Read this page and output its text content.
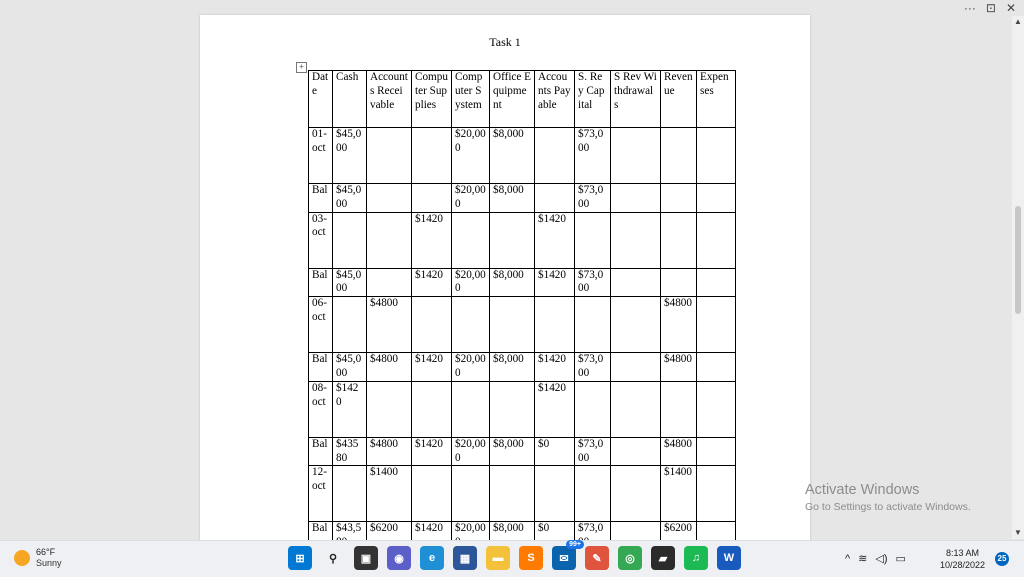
··· ⊡ ✕
Task 1
+
Date	Cash	Accounts Receivable	Computer Supplies	Computer System	Office Equipment	Accounts Payable	S. Rey Capital	S Rev Withdrawals	Revenue	Expenses
01-oct	$45,000			$20,000	$8,000		$73,000			
Bal	$45,000			$20,000	$8,000		$73,000			
03-oct			$1420			$1420				
Bal	$45,000		$1420	$20,000	$8,000	$1420	$73,000			
06-oct		$4800							$4800	
Bal	$45,000	$4800	$1420	$20,000	$8,000	$1420	$73,000		$4800	
08-oct	$1420					$1420				
Bal	$43580	$4800	$1420	$20,000	$8,000	$0	$73,000		$4800	
12-oct		$1400							$1400	
Bal	$43,5	$6200	$1420	$20,00	$8,000	$0	$73,0		$6200	
▲
▼
Activate Windows
Go to Settings to activate Windows.
66°F
Sunny	⊞ ⚲ ▣ ◉ e ▦ ▬ S ✉
99+
✎ ◎ ▰ ♫ W	^ ≋ ◁) ▭	8:13 AM
10/28/2022
25
